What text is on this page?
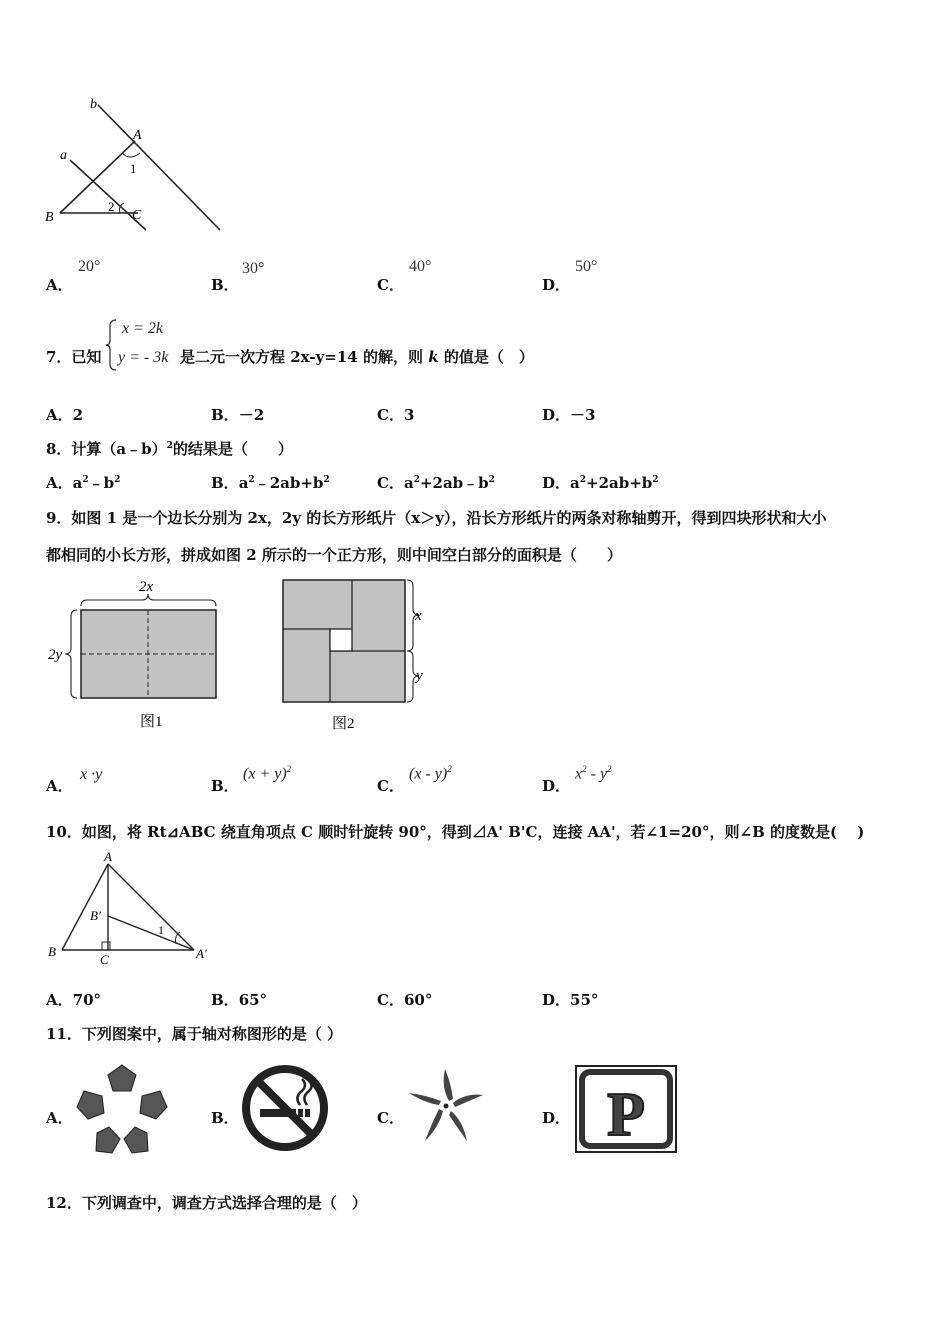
b
a
A
1
2
B	C
A．
20°
B．
30°
C．
40°
D．
50°
7．已知
x = 2k
y = - 3k 是二元一次方程 2x-y=14 的解，则 k 的值是（　）
A．2	B．－2	C．3	D．－3
8．计算（a﹣b）$^2$的结果是（　　）
A．$a^2﹣b^2$	B．$a^2﹣2ab+b^2$	C．$a^2+2ab﹣b^2$	D．$a^2+2ab+b^2$
9．如图 1 是一个边长分别为 2x，2y 的长方形纸片（x＞y），沿长方形纸片的两条对称轴剪开，得到四块形状和大小
都相同的小长方形，拼成如图 2 所示的一个正方形，则中间空白部分的面积是（　　）
2x
2y
图1
x
y
图2
A．
x ·y
B．
$(x + y)^2$
C．
(x - y)$^2$
D．
$x^2 - y^2$
10．如图，将 Rt⊿ABC 绕直角项点 C 顺时针旋转 90°，得到⊿A' B'C，连接 AA'，若∠1=20°，则∠B 的度数是(　 )
A
B'
B
C	A'
1
A．70°	B．65°	C．60°	D．55°
11．下列图案中，属于轴对称图形的是（ ）
A．	B．	C．	D． P
12．下列调查中，调查方式选择合理的是（　）
